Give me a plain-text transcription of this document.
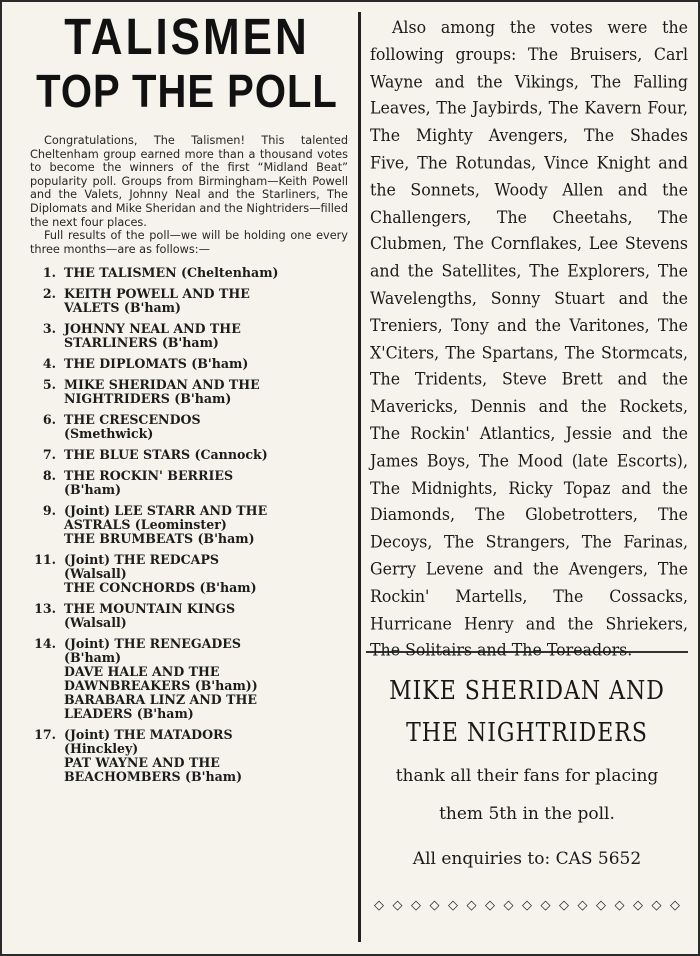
TALISMEN
TOP THE POLL

Congratulations, The Talismen! This talented Cheltenham group earned more than a thousand votes to become the winners of the first “Midland Beat” popularity poll. Groups from Birmingham—Keith Powell and the Valets, Johnny Neal and the Starliners, The Diplomats and Mike Sheridan and the Nightriders—filled the next four places.

Full results of the poll—we will be holding one every three months—are as follows:—

1. THE TALISMEN (Cheltenham)
2. KEITH POWELL AND THE
VALETS (B'ham)
3. JOHNNY NEAL AND THE
STARLINERS (B'ham)
4. THE DIPLOMATS (B'ham)
5. MIKE SHERIDAN AND THE
NIGHTRIDERS (B'ham)
6. THE CRESCENDOS
(Smethwick)
7. THE BLUE STARS (Cannock)
8. THE ROCKIN' BERRIES
(B'ham)
9. (Joint) LEE STARR AND THE
ASTRALS (Leominster)
THE BRUMBEATS (B'ham)
11. (Joint) THE REDCAPS
(Walsall)
THE CONCHORDS (B'ham)
13. THE MOUNTAIN KINGS
(Walsall)
14. (Joint) THE RENEGADES
(B'ham)
DAVE HALE AND THE
DAWNBREAKERS (B'ham))
BARABARA LINZ AND THE
LEADERS (B'ham)
17. (Joint) THE MATADORS
(Hinckley)
PAT WAYNE AND THE
BEACHOMBERS (B'ham)

Also among the votes were the following groups: The Bruisers, Carl Wayne and the Vikings, The Falling Leaves, The Jaybirds, The Kavern Four, The Mighty Avengers, The Shades Five, The Rotundas, Vince Knight and the Sonnets, Woody Allen and the Challengers, The Cheetahs, The Clubmen, The Cornflakes, Lee Stevens and the Satellites, The Explorers, The Wavelengths, Sonny Stuart and the Treniers, Tony and the Varitones, The X'Citers, The Spartans, The Stormcats, The Tridents, Steve Brett and the Mavericks, Dennis and the Rockets, The Rockin' Atlantics, Jessie and the James Boys, The Mood (late Escorts), The Midnights, Ricky Topaz and the Diamonds, The Globetrotters, The Decoys, The Strangers, The Farinas, Gerry Levene and the Avengers, The Rockin' Martells, The Cossacks, Hurricane Henry and the Shriekers, The Solitairs and The Toreadors.

MIKE SHERIDAN AND
THE NIGHTRIDERS
thank all their fans for placing
them 5th in the poll.
All enquiries to: CAS 5652
◇ ◇ ◇ ◇ ◇ ◇ ◇ ◇ ◇ ◇ ◇ ◇ ◇ ◇ ◇ ◇ ◇
